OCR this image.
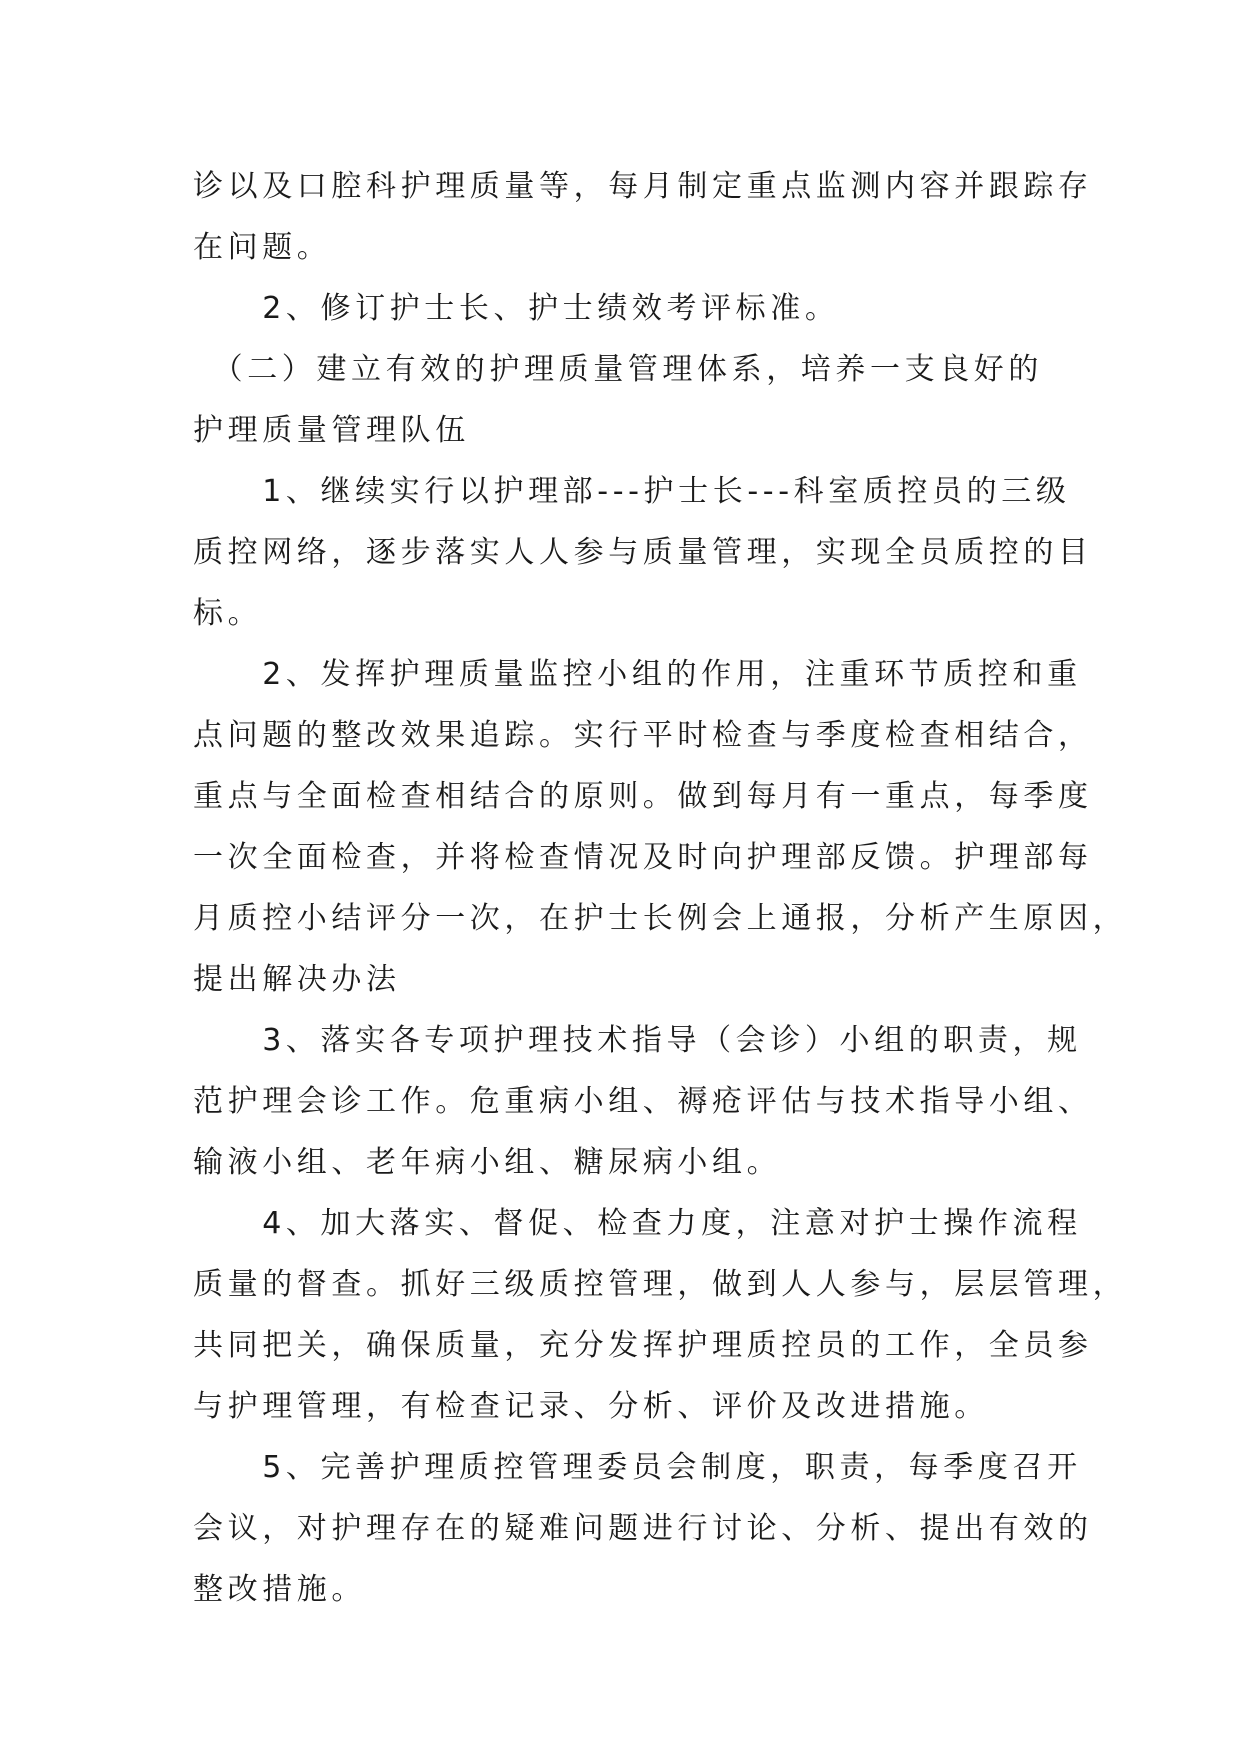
诊以及口腔科护理质量等，每月制定重点监测内容并跟踪存
在问题。
　　2、修订护士长、护士绩效考评标准。
　（二）建立有效的护理质量管理体系，培养一支良好的
护理质量管理队伍
　　1、继续实行以护理部---护士长---科室质控员的三级
质控网络，逐步落实人人参与质量管理，实现全员质控的目
标。
　　2、发挥护理质量监控小组的作用，注重环节质控和重
点问题的整改效果追踪。实行平时检查与季度检查相结合，
重点与全面检查相结合的原则。做到每月有一重点，每季度
一次全面检查，并将检查情况及时向护理部反馈。护理部每
月质控小结评分一次，在护士长例会上通报，分析产生原因，
提出解决办法
　　3、落实各专项护理技术指导（会诊）小组的职责，规
范护理会诊工作。危重病小组、褥疮评估与技术指导小组、
输液小组、老年病小组、糖尿病小组。
　　4、加大落实、督促、检查力度，注意对护士操作流程
质量的督查。抓好三级质控管理，做到人人参与，层层管理，
共同把关，确保质量，充分发挥护理质控员的工作，全员参
与护理管理，有检查记录、分析、评价及改进措施。
　　5、完善护理质控管理委员会制度，职责，每季度召开
会议，对护理存在的疑难问题进行讨论、分析、提出有效的
整改措施。
